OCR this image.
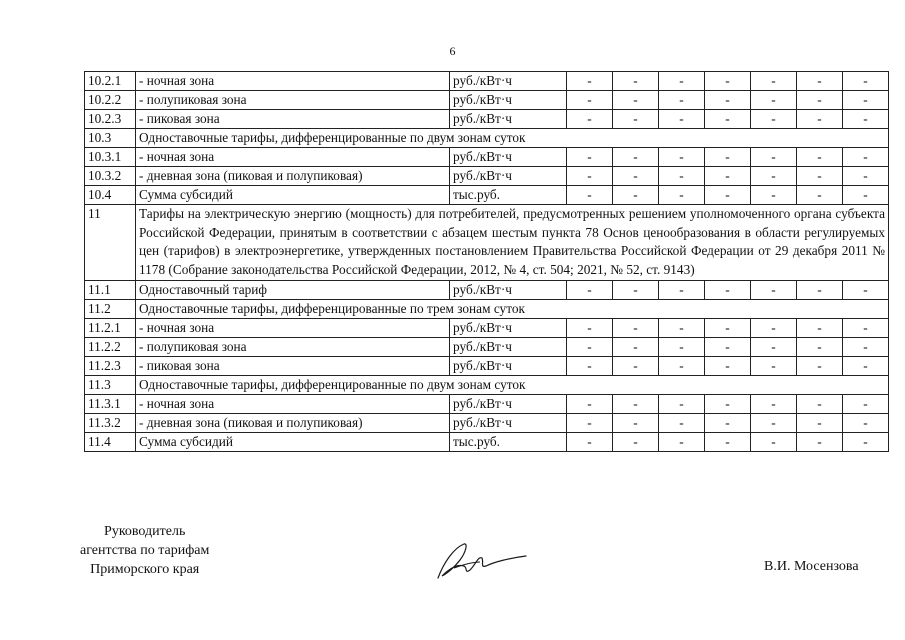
6
10.2.1	- ночная зона	руб./кВт·ч	-	-	-	-	-	-	-
10.2.2	- полупиковая зона	руб./кВт·ч	-	-	-	-	-	-	-
10.2.3	- пиковая зона	руб./кВт·ч	-	-	-	-	-	-	-
10.3	Одноставочные тарифы, дифференцированные по двум зонам суток								
10.3.1	- ночная зона	руб./кВт·ч	-	-	-	-	-	-	-
10.3.2	- дневная зона (пиковая и полупиковая)	руб./кВт·ч	-	-	-	-	-	-	-
10.4	Сумма субсидий	тыс.руб.	-	-	-	-	-	-	-
11	Тарифы на электрическую энергию (мощность) для потребителей, предусмотренных решением уполномоченного органа субъекта Российской Федерации, принятым в соответствии с абзацем шестым пункта 78 Основ ценообразования в области регулируемых цен (тарифов) в электроэнергетике, утвержденных постановлением Правительства Российской Федерации от 29 декабря 2011 № 1178 (Собрание законодательства Российской Федерации, 2012, № 4, ст. 504; 2021, № 52, ст. 9143)								
11.1	Одноставочный тариф	руб./кВт·ч	-	-	-	-	-	-	-
11.2	Одноставочные тарифы, дифференцированные по трем зонам суток								
11.2.1	- ночная зона	руб./кВт·ч	-	-	-	-	-	-	-
11.2.2	- полупиковая зона	руб./кВт·ч	-	-	-	-	-	-	-
11.2.3	- пиковая зона	руб./кВт·ч	-	-	-	-	-	-	-
11.3	Одноставочные тарифы, дифференцированные по двум зонам суток								
11.3.1	- ночная зона	руб./кВт·ч	-	-	-	-	-	-	-
11.3.2	- дневная зона (пиковая и полупиковая)	руб./кВт·ч	-	-	-	-	-	-	-
11.4	Сумма субсидий	тыс.руб.	-	-	-	-	-	-	-
Руководитель
агентства по тарифам
Приморского края	В.И. Мосензова
